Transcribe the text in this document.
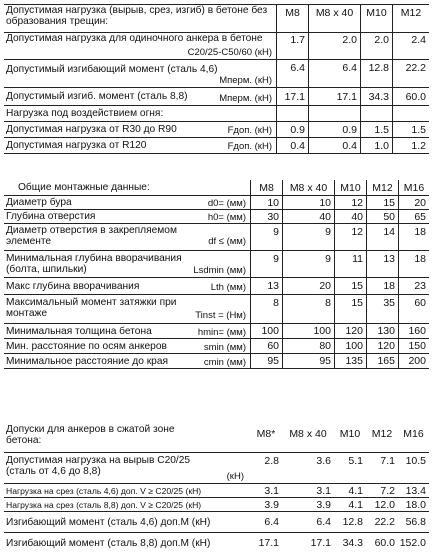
Допустимая нагрузка (вырыв, срез, изгиб) в бетоне без образования трещин:
M8	M8 x 40	M10	M12
Допустимая нагрузка для одиночного анкера в бетоне
C20/25-C50/60 (кН)
1.7	2.0	2.0	2.4
Допустимый изгибающий момент (сталь 4,6)
Mперм. (кН)
6.4	6.4	12.8	22.2
Допустимый изгиб. момент (сталь 8,8)	Mперм. (кН)	17.1	17.1	34.3	60.0
Нагрузка под воздействием огня:
Допустимая нагрузка от R30 до R90	Fдоп. (кН)	0.9	0.9	1.5	1.5
Допустимая нагрузка от R120	Fдоп. (кН)	0.4	0.4	1.0	1.2
Общие монтажные данные:	M8	M8 x 40	M10	M12	M16
Диаметр бура	d0= (мм)	10	10	12	15	20
Глубина отверстия	h0= (мм)	30	40	40	50	65
Диаметр отверстия в закрепляемом элементе	df ≤ (мм)
9	9	12	14	18
Минимальная глубина вворачивания (болта, шпильки)	Lsdmin (мм)
9	9	11	13	18
Макс глубина вворачивания	Lth (мм)	13	20	15	18	23
Максимальный момент затяжки при монтаже	Tinst = (Нм)
8	8	15	35	60
Минимальная толщина бетона	hmin= (мм)	100	100	120	130	160
Мин. расстояние по осям анкеров	smin (мм)	60	80	100	120	150
Минимальное расстояние до края	cmin (мм)	95	95	135	165	200
Допуски для анкеров в сжатой зоне бетона:
M8*	M8 x 40	M10	M12	M16
Допустимая нагрузка на вырыв C20/25 (сталь от 4,6 до 8,8)	(кН)
2.8	3.6	5.1	7.1	10.5
Нагрузка на срез (сталь 4,6) доп. V ≥ C20/25 (кН)	3.1	3.1	4.1	7.2	13.4
Нагрузка на срез (сталь 8,8) доп. V ≥ C20/25 (кН)	3.9	3.9	4.1	12.0	18.0
Изгибающий момент (сталь 4,6) доп.М (кН)	6.4	6.4	12.8	22.2	56.8
Изгибающий момент (сталь 8,8) доп.М (кН)	17.1	17.1	34.3	60.0 152.0
